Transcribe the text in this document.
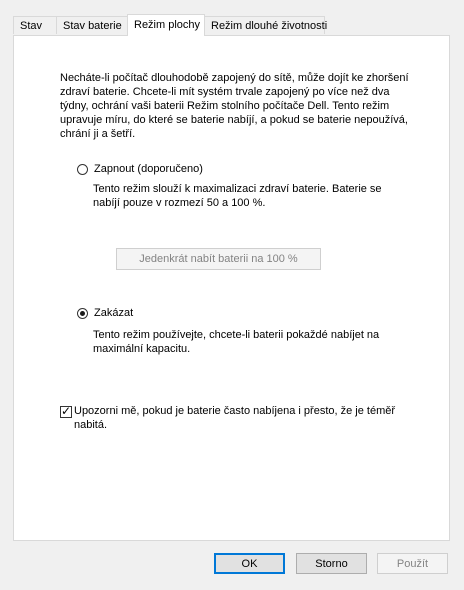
Stav	Stav baterie	Režim plochy Režim dlouhé životnosti
Necháte-li počítač dlouhodobě zapojený do sítě, může dojít ke zhoršení zdraví baterie. Chcete-li mít systém trvale zapojený po více než dva týdny, ochrání vaši baterii Režim stolního počítače Dell. Tento režim upravuje míru, do které se baterie nabíjí, a pokud se baterie nepoužívá, chrání ji a šetří.
Zapnout (doporučeno)
Tento režim slouží k maximalizaci zdraví baterie. Baterie se nabíjí pouze v rozmezí 50 a 100 %.
Jedenkrát nabít baterii na 100 %
Zakázat
Tento režim používejte, chcete-li baterii pokaždé nabíjet na maximální kapacitu.
✓ Upozorni mě, pokud je baterie často nabíjena i přesto, že je téměř nabitá.
OK	Storno	Použít
